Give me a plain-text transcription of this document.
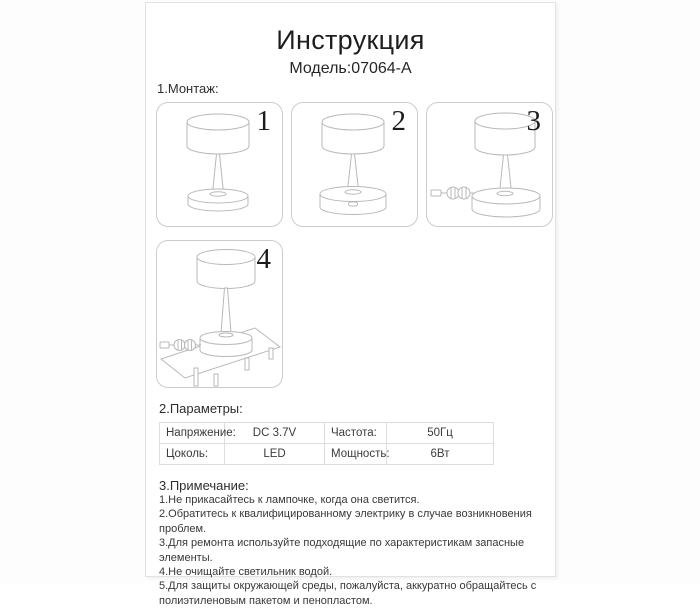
Инструкция
Модель:07064-A
1.Монтаж:
1	2	3
4
2.Параметры:
Напряжение:	DC 3.7V	Частота:	50Гц
Цоколь:	LED	Мощность:	6Вт
3.Примечание:
1.Не прикасайтесь к лампочке, когда она светится.
2.Обратитесь к квалифицированному электрику в случае возникновения проблем.
3.Для ремонта используйте подходящие по характеристикам запасные элементы.
4.Не очищайте светильник водой.
5.Для защиты окружающей среды, пожалуйста, аккуратно обращайтесь с полиэтиленовым пакетом и пенопластом.
